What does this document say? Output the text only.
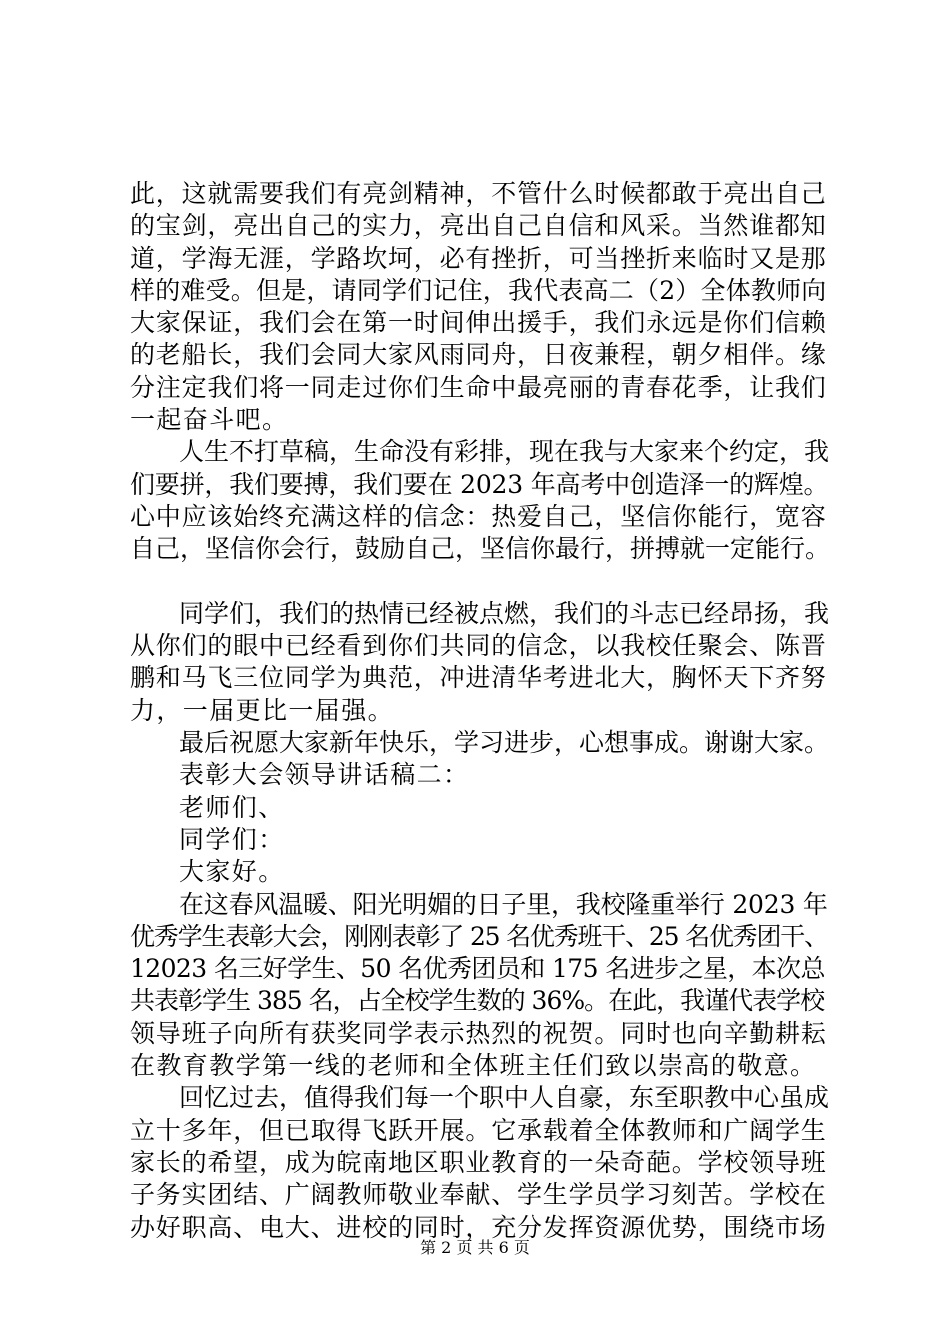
此，这就需要我们有亮剑精神，不管什么时候都敢于亮出自己
的宝剑，亮出自己的实力，亮出自己自信和风采。当然谁都知
道，学海无涯，学路坎坷，必有挫折，可当挫折来临时又是那
样的难受。但是，请同学们记住，我代表高二（2）全体教师向
大家保证，我们会在第一时间伸出援手，我们永远是你们信赖
的老船长，我们会同大家风雨同舟，日夜兼程，朝夕相伴。缘
分注定我们将一同走过你们生命中最亮丽的青春花季，让我们
一起奋斗吧。
人生不打草稿，生命没有彩排，现在我与大家来个约定，我
们要拼，我们要搏，我们要在 2023 年高考中创造泽一的辉煌。
心中应该始终充满这样的信念：热爱自己，坚信你能行，宽容
自己，坚信你会行，鼓励自己，坚信你最行，拼搏就一定能行。
同学们，我们的热情已经被点燃，我们的斗志已经昂扬，我
从你们的眼中已经看到你们共同的信念，以我校任聚会、陈晋
鹏和马飞三位同学为典范，冲进清华考进北大，胸怀天下齐努
力，一届更比一届强。
最后祝愿大家新年快乐，学习进步，心想事成。谢谢大家。
表彰大会领导讲话稿二：
老师们、
同学们：
大家好。
在这春风温暖、阳光明媚的日子里，我校隆重举行 2023 年
优秀学生表彰大会，刚刚表彰了 25 名优秀班干、25 名优秀团干、
12023 名三好学生、50 名优秀团员和 175 名进步之星，本次总
共表彰学生 385 名，占全校学生数的 36%。在此，我谨代表学校
领导班子向所有获奖同学表示热烈的祝贺。同时也向辛勤耕耘
在教育教学第一线的老师和全体班主任们致以崇高的敬意。
回忆过去，值得我们每一个职中人自豪，东至职教中心虽成
立十多年，但已取得飞跃开展。它承载着全体教师和广阔学生
家长的希望，成为皖南地区职业教育的一朵奇葩。学校领导班
子务实团结、广阔教师敬业奉献、学生学员学习刻苦。学校在
办好职高、电大、进校的同时，充分发挥资源优势，围绕市场
第 2 页 共 6 页
